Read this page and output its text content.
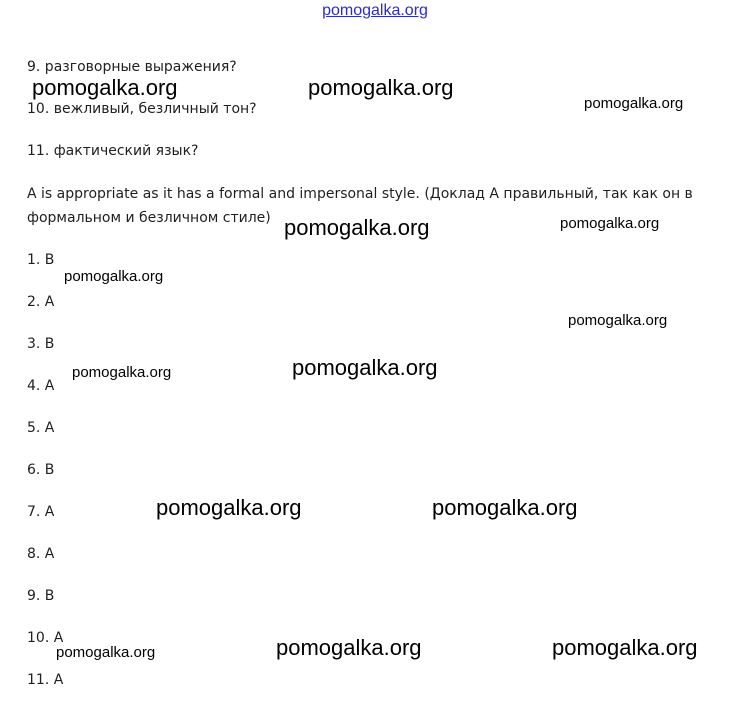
pomogalka.org
9. разговорные выражения?
10. вежливый, безличный тон?
11. фактический язык?
A is appropriate as it has a formal and impersonal style. (Доклад A правильный, так как он в формальном и безличном стиле)
1. B
2. A
3. B
4. A
5. A
6. B
7. A
8. A
9. B
10. A
11. A
pomogalka.org	pomogalka.org
pomogalka.org
pomogalka.org	pomogalka.org
pomogalka.org
pomogalka.org
pomogalka.org	pomogalka.org
pomogalka.org	pomogalka.org
pomogalka.org	pomogalka.org	pomogalka.org
